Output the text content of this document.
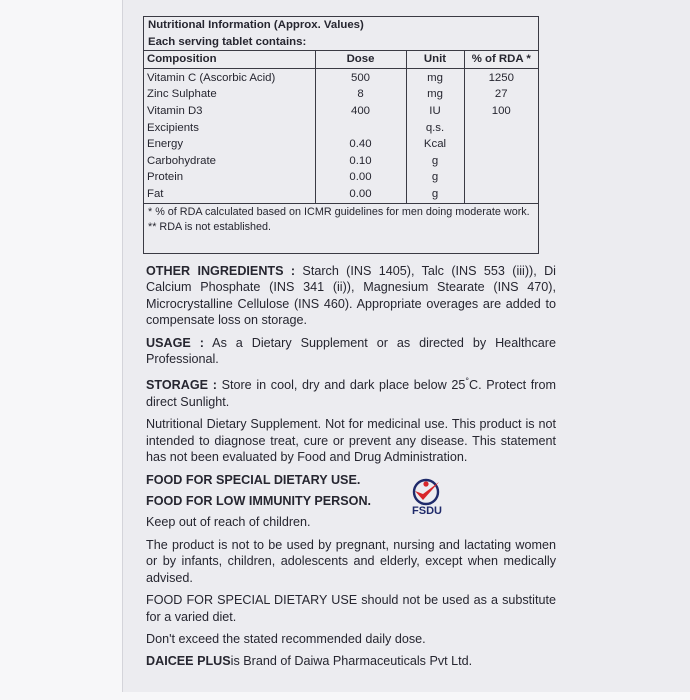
Nutritional Information (Approx. Values)
Each serving tablet contains:
Composition	Dose	Unit	% of RDA *
Vitamin C (Ascorbic Acid)	500	mg	1250
Zinc Sulphate	8	mg	27
Vitamin D3	400	IU	100
Excipients		q.s.	
Energy	0.40	Kcal	
Carbohydrate	0.10	g	
Protein	0.00	g	
Fat	0.00	g	
* % of RDA calculated based on ICMR guidelines for men doing moderate work.
** RDA is not established.

OTHER INGREDIENTS : Starch (INS 1405), Talc (INS 553 (iii)), Di Calcium Phosphate (INS 341 (ii)), Magnesium Stearate (INS 470), Microcrystalline Cellulose (INS 460). Appropriate overages are added to compensate loss on storage.

USAGE : As a Dietary Supplement or as directed by Healthcare Professional.

STORAGE : Store in cool, dry and dark place below 25°C. Protect from direct Sunlight.

Nutritional Dietary Supplement. Not for medicinal use. This product is not intended to diagnose treat, cure or prevent any disease. This statement has not been evaluated by Food and Drug Administration.

FOOD FOR SPECIAL DIETARY USE.
FOOD FOR LOW IMMUNITY PERSON.

Keep out of reach of children.

The product is not to be used by pregnant, nursing and lactating women or by infants, children, adolescents and elderly, except when medically advised.

FOOD FOR SPECIAL DIETARY USE should not be used as a substitute for a varied diet.

Don't exceed the stated recommended daily dose.

DAICEE PLUSis Brand of Daiwa Pharmaceuticals Pvt Ltd.

FSDU
